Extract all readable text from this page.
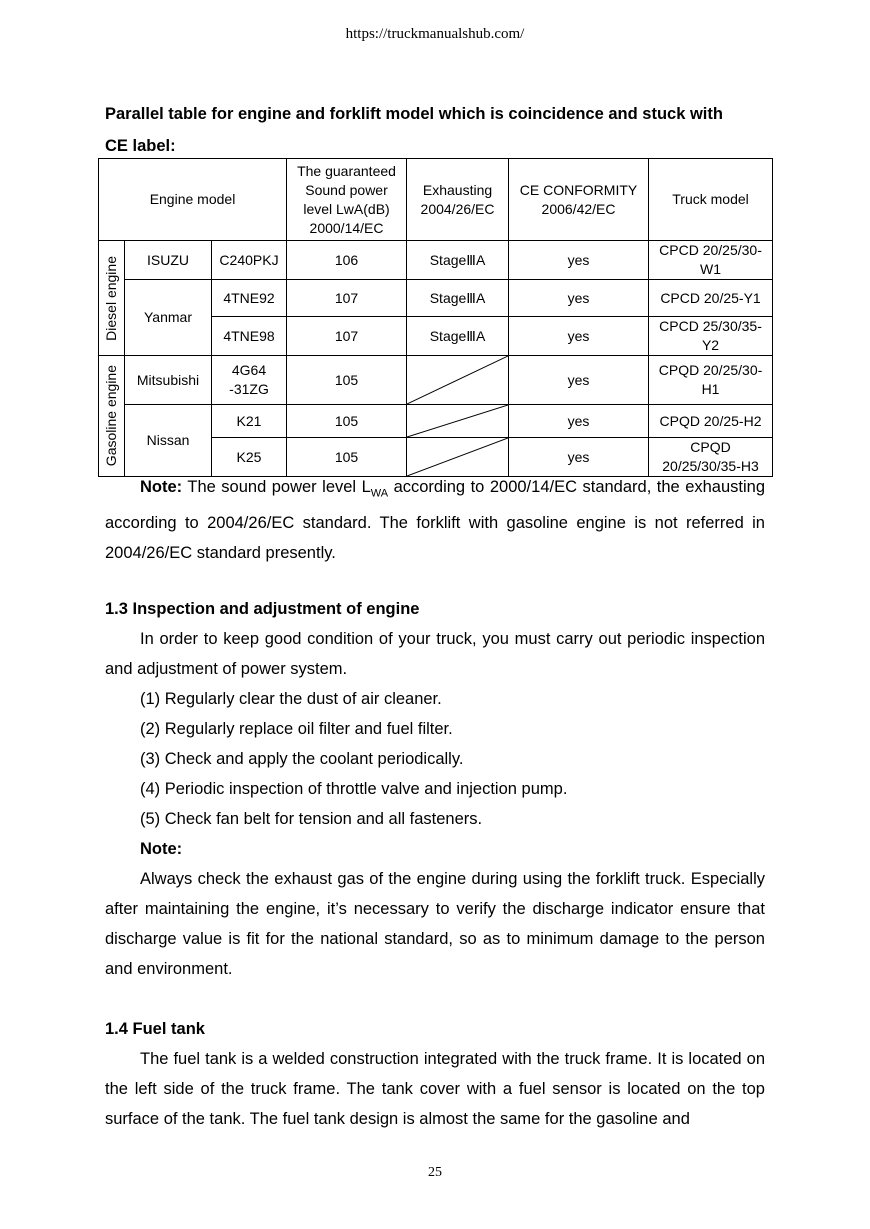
https://truckmanualshub.com/
Parallel table for engine and forklift model which is coincidence and stuck with
CE label:
Engine model			The guaranteed Sound power level LwA(dB) 2000/14/EC	Exhausting 2004/26/EC	CE CONFORMITY 2006/42/EC	Truck model

Diesel engine	ISUZU	C240PKJ	106	StageⅢA	yes	CPCD 20/25/30-W1
	Yanmar	4TNE92	107	StageⅢA	yes	CPCD 20/25-Y1
		4TNE98	107	StageⅢA	yes	CPCD 25/30/35-Y2

Gasoline engine	Mitsubishi	4G64 -31ZG	105		yes	CPQD 20/25/30-H1
	Nissan	K21	105		yes	CPQD 20/25-H2
		K25	105		yes	CPQD 20/25/30/35-H3
Note: The sound power level $L_{WA}$ according to 2000/14/EC standard, the exhausting according to 2004/26/EC standard. The forklift with gasoline engine is not referred in 2004/26/EC standard presently.
1.3 Inspection and adjustment of engine
In order to keep good condition of your truck, you must carry out periodic inspection and adjustment of power system.
(1) Regularly clear the dust of air cleaner.
(2) Regularly replace oil filter and fuel filter.
(3) Check and apply the coolant periodically.
(4) Periodic inspection of throttle valve and injection pump.
(5) Check fan belt for tension and all fasteners.
Note:
Always check the exhaust gas of the engine during using the forklift truck. Especially after maintaining the engine, it’s necessary to verify the discharge indicator ensure that discharge value is fit for the national standard, so as to minimum damage to the person and environment.
1.4 Fuel tank
The fuel tank is a welded construction integrated with the truck frame. It is located on the left side of the truck frame. The tank cover with a fuel sensor is located on the top surface of the tank. The fuel tank design is almost the same for the gasoline and
25
